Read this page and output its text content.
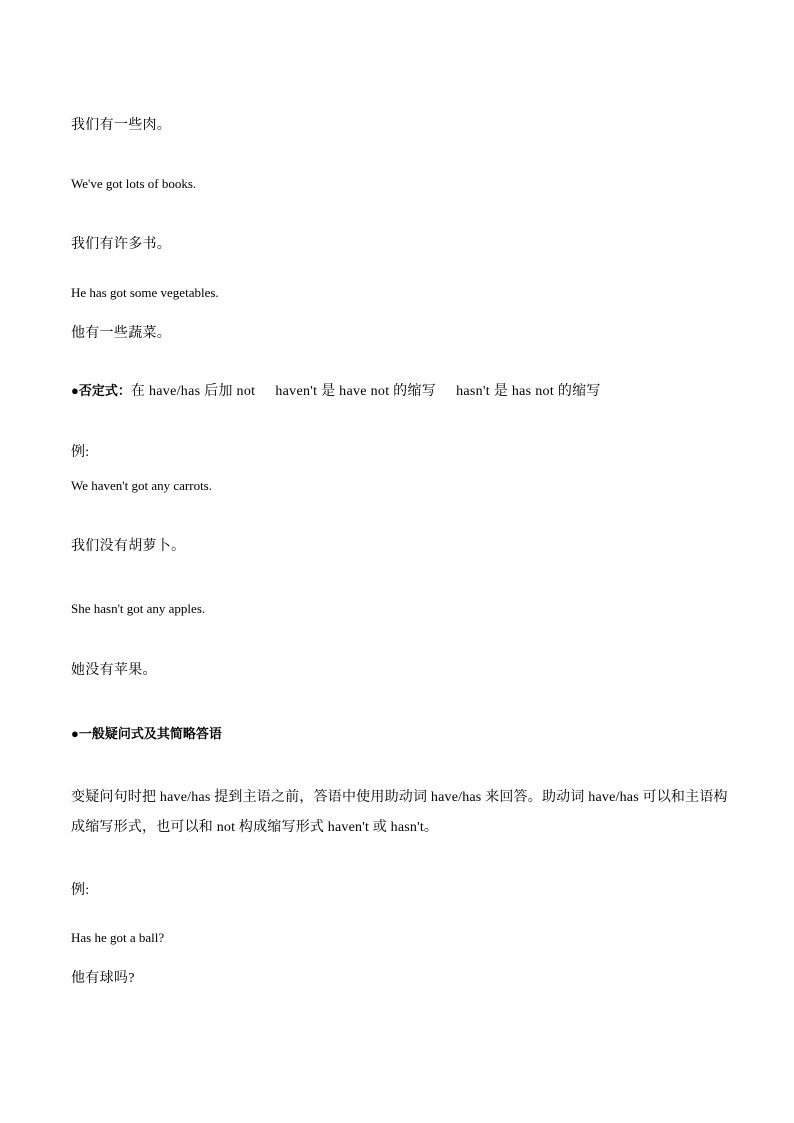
我们有一些肉。
We've got lots of books.
我们有许多书。
He has got some vegetables.
他有一些蔬菜。
●否定式：在 have/has 后加 not haven't 是 have not 的缩写 hasn't 是 has not 的缩写
例:
We haven't got any carrots.
我们没有胡萝卜。
She hasn't got any apples.
她没有苹果。
●一般疑问式及其简略答语
变疑问句时把 have/has 提到主语之前，答语中使用助动词 have/has 来回答。助动词 have/has 可以和主语构成缩写形式，也可以和 not 构成缩写形式 haven't 或 hasn't。
例:
Has he got a ball?
他有球吗?
